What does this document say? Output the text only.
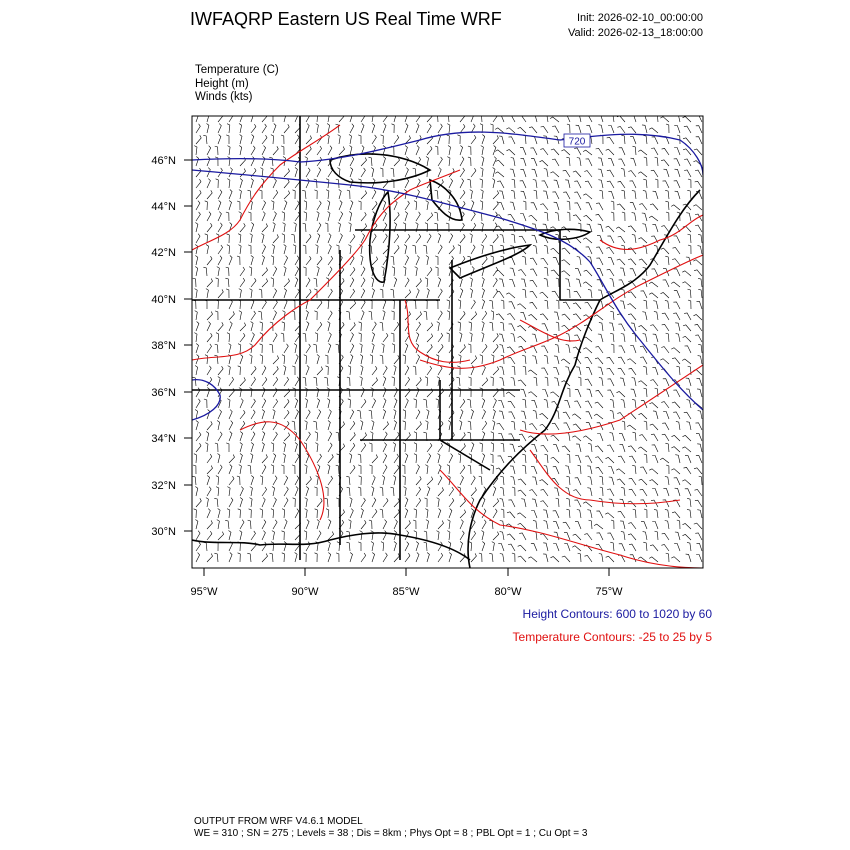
IWFAQRP Eastern US Real Time WRF	Init: 2026-02-10_00:00:00
Valid: 2026-02-13_18:00:00
Temperature (C)
Height (m)
Winds (kts)
720
46°N
44°N
42°N
40°N
38°N
36°N
34°N
32°N
30°N
95°W	90°W	85°W	80°W	75°W
Height Contours: 600 to 1020 by 60
Temperature Contours: -25 to 25 by 5
OUTPUT FROM WRF V4.6.1 MODEL
WE = 310 ; SN = 275 ; Levels = 38 ; Dis = 8km ; Phys Opt = 8 ; PBL Opt = 1 ; Cu Opt = 3
